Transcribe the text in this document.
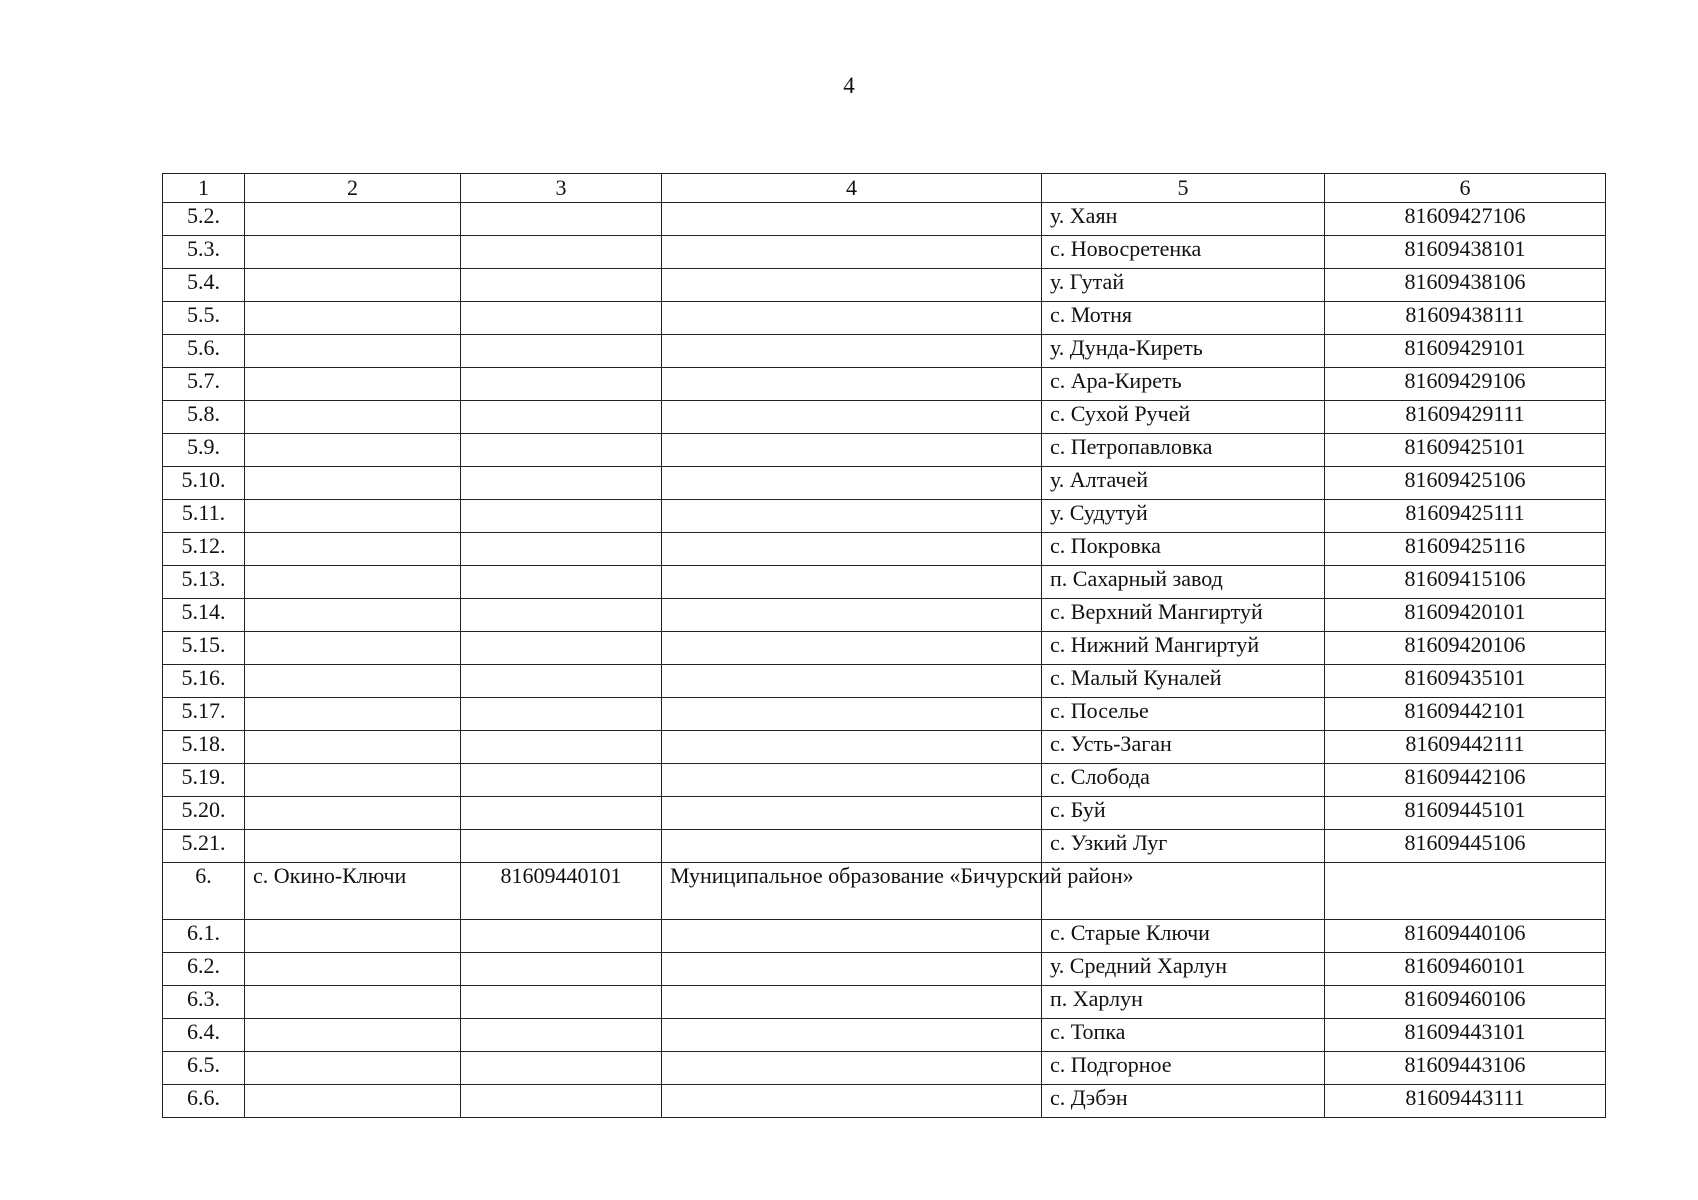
4
1	2	3	4	5	6
5.2.				у. Хаян	81609427106
5.3.				с. Новосретенка	81609438101
5.4.				у. Гутай	81609438106
5.5.				с. Мотня	81609438111
5.6.				у. Дунда-Киреть	81609429101
5.7.				с. Ара-Киреть	81609429106
5.8.				с. Сухой Ручей	81609429111
5.9.				с. Петропавловка	81609425101
5.10.				у. Алтачей	81609425106
5.11.				у. Судутуй	81609425111
5.12.				с. Покровка	81609425116
5.13.				п. Сахарный завод	81609415106
5.14.				с. Верхний Мангиртуй	81609420101
5.15.				с. Нижний Мангиртуй	81609420106
5.16.				с. Малый Куналей	81609435101
5.17.				с. Поселье	81609442101
5.18.				с. Усть-Заган	81609442111
5.19.				с. Слобода	81609442106
5.20.				с. Буй	81609445101
5.21.				с. Узкий Луг	81609445106
6.	с. Окино-Ключи	81609440101	Муниципальное образование «Бичурский район»		
6.1.				с. Старые Ключи	81609440106
6.2.				у. Средний Харлун	81609460101
6.3.				п. Харлун	81609460106
6.4.				с. Топка	81609443101
6.5.				с. Подгорное	81609443106
6.6.				с. Дэбэн	81609443111
